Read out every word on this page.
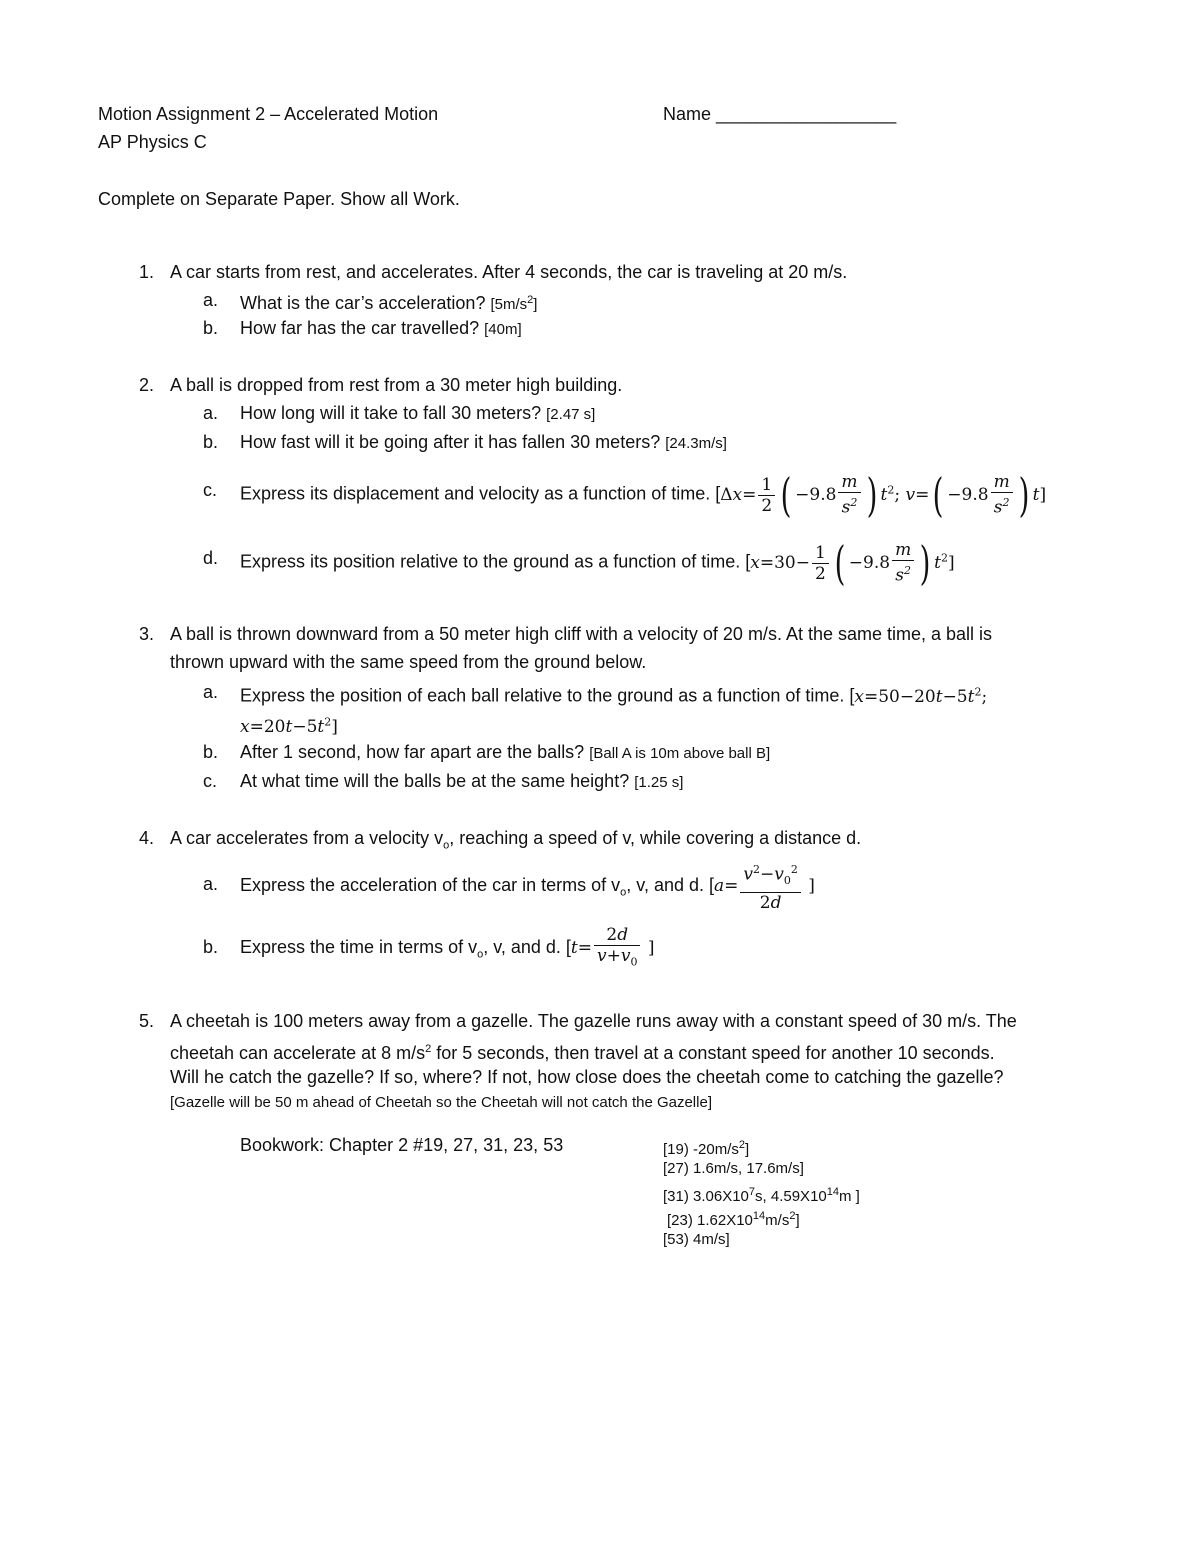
Motion Assignment 2 – Accelerated Motion	Name __________________
AP Physics C
Complete on Separate Paper. Show all Work.
1. A car starts from rest, and accelerates. After 4 seconds, the car is traveling at 20 m/s.
a. What is the car’s acceleration? $[5m/s^2]$
b. How far has the car travelled? [40m]
2. A ball is dropped from rest from a 30 meter high building.
a. How long will it take to fall 30 meters? [2.47 s]
b. How fast will it be going after it has fallen 30 meters? [24.3m/s]
c. Express its displacement and velocity as a function of time. [$\Delta x= \frac{1}{2}$ ( $-9.8 \frac{m}{s^2}$ ) $t^2$; $v=( -9.8 \frac{m}{s^2}$ ) t]
d. Express its position relative to the ground as a function of time. [$x=30- \frac{1}{2}$ ( $-9.8 \frac{m}{s^2}$ ) $t^2$]
3. A ball is thrown downward from a 50 meter high cliff with a velocity of 20 m/s. At the same time, a ball is
thrown upward with the same speed from the ground below.
a. Express the position of each ball relative to the ground as a function of time. [$x=50-20t-5t^2$;
$x=20t-5t^2$]
b. After 1 second, how far apart are the balls? [Ball A is 10m above ball B]
c. At what time will the balls be at the same height? [1.25 s]
4. A car accelerates from a velocity $v_o$, reaching a speed of v, while covering a distance d.
a. Express the acceleration of the car in terms of $v_o$, v, and d. [$a= \frac{v^2-v_0^2}{2d}$ ]
b. Express the time in terms of $v_o$, v, and d. [$t= \frac{2d}{v+v_0}$ ]
5. A cheetah is 100 meters away from a gazelle. The gazelle runs away with a constant speed of 30 m/s. The
cheetah can accelerate at 8 $m/s^2$ for 5 seconds, then travel at a constant speed for another 10 seconds.
Will he catch the gazelle? If so, where? If not, how close does the cheetah come to catching the gazelle?
[Gazelle will be 50 m ahead of Cheetah so the Cheetah will not catch the Gazelle]
Bookwork: Chapter 2 #19, 27, 31, 23, 53	[19) $-20m/s^2$]
[27) 1.6m/s, 17.6m/s]
[31) $3.06X10^7s$, $4.59X10^{14}m$ ]
[23) $1.62X10^{14}m/s^2$]
[53) 4m/s]
